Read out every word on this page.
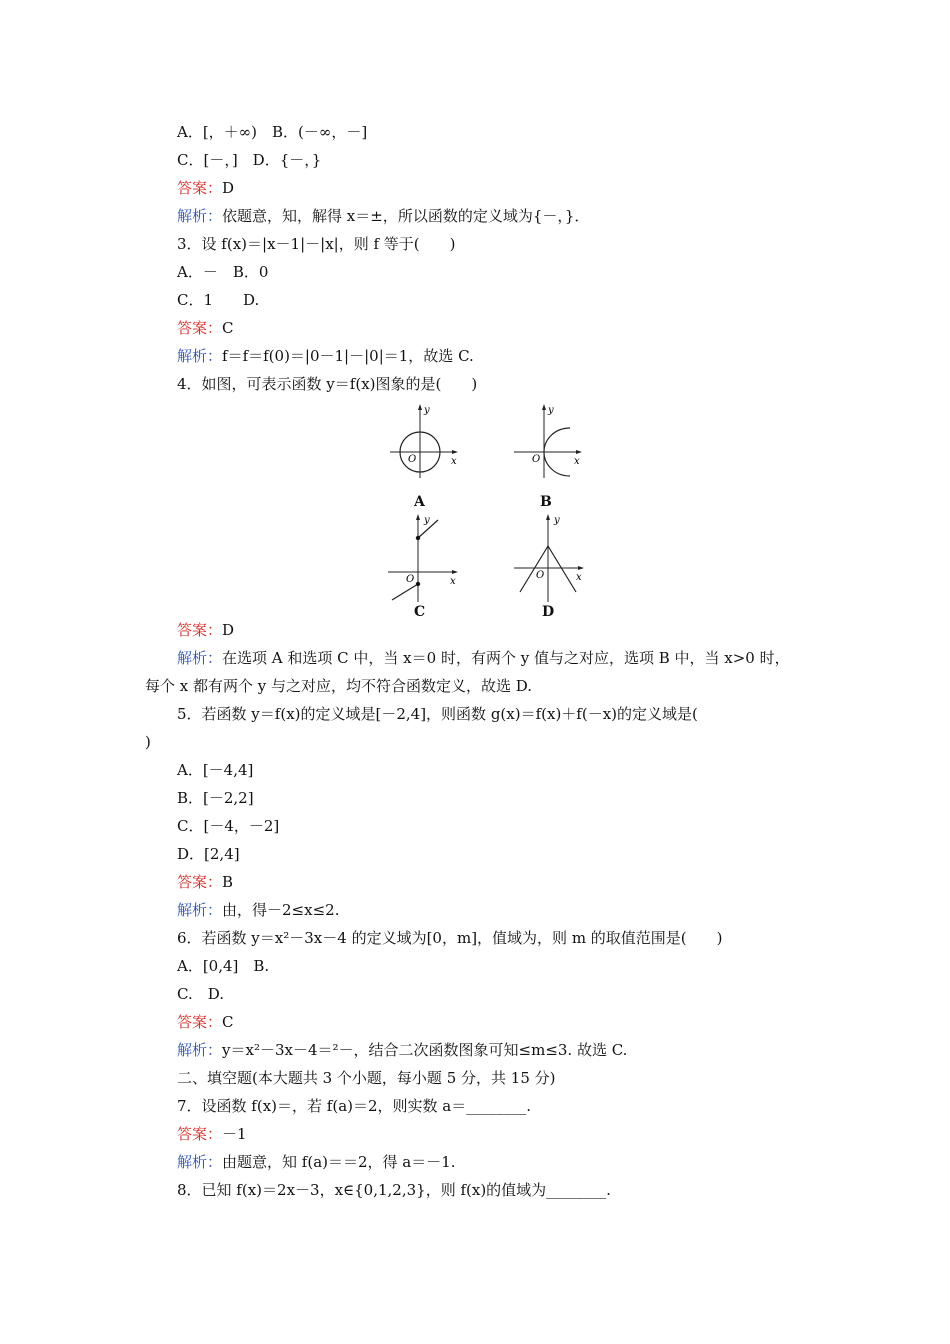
A．[，＋∞)　B．(－∞，－]
C．[－，]　D．{－，}
答案：D
解析：依题意，知，解得 x＝±，所以函数的定义域为{－，}．
3．设 f(x)＝|x－1|－|x|，则 f 等于(　　)
A．－　B．0
C．1　　D.
答案：C
解析：f＝f＝f(0)＝|0－1|－|0|＝1，故选 C.
4．如图，可表示函数 y＝f(x)图象的是(　　)
O	x
y
A
O	x
y
B
O	x
y
C
O	x
y
D
答案：D
解析：在选项 A 和选项 C 中，当 x＝0 时，有两个 y 值与之对应，选项 B 中，当 x>0 时，
每个 x 都有两个 y 与之对应，均不符合函数定义，故选 D.
5．若函数 y＝f(x)的定义域是[－2,4]，则函数 g(x)＝f(x)＋f(－x)的定义域是(
)
A．[－4,4]
B．[－2,2]
C．[－4，－2]
D．[2,4]
答案：B
解析：由，得－2≤x≤2.
6．若函数 y＝x²－3x－4 的定义域为[0，m]，值域为，则 m 的取值范围是(　　)
A．[0,4]　B.
C.　D.
答案：C
解析：y＝x²－3x－4＝²－，结合二次函数图象可知≤m≤3. 故选 C.
二、填空题(本大题共 3 个小题，每小题 5 分，共 15 分)
7．设函数 f(x)＝，若 f(a)＝2，则实数 a＝________.
答案：－1
解析：由题意，知 f(a)＝＝2，得 a＝－1.
8．已知 f(x)＝2x－3，x∈{0,1,2,3}，则 f(x)的值域为________.
